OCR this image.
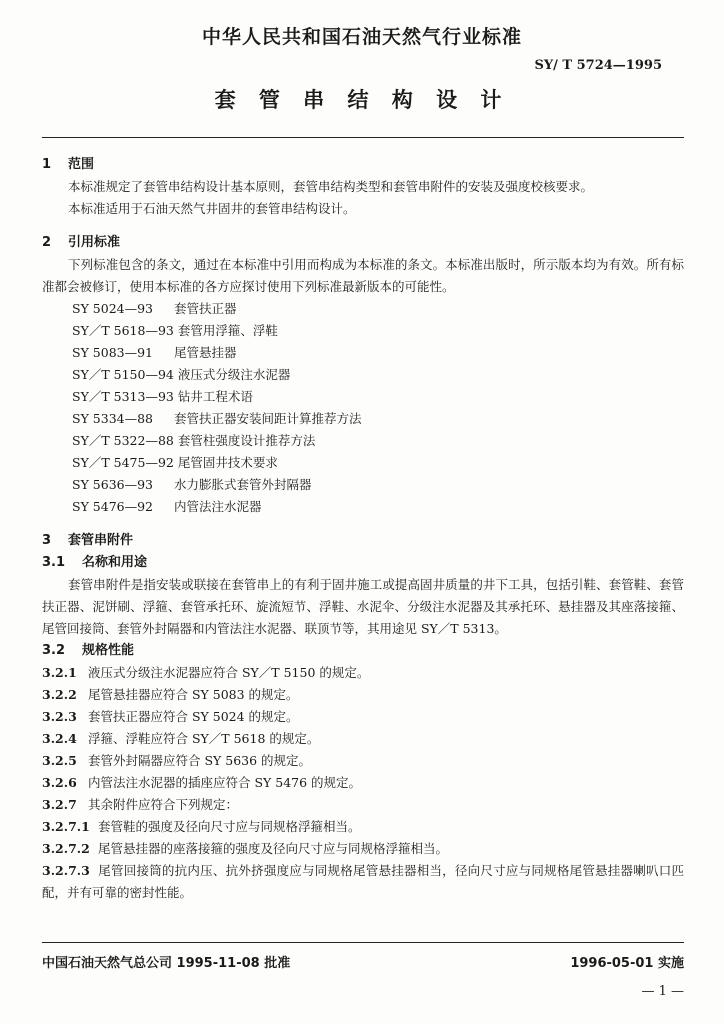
中华人民共和国石油天然气行业标准
SY/ T 5724—1995
套 管 串 结 构 设 计
1 范围
本标准规定了套管串结构设计基本原则，套管串结构类型和套管串附件的安装及强度校核要求。
本标准适用于石油天然气井固井的套管串结构设计。
2 引用标准
下列标准包含的条文，通过在本标准中引用而构成为本标准的条文。本标准出版时，所示版本均为有效。所有标准都会被修订，使用本标准的各方应探讨使用下列标准最新版本的可能性。
SY 5024—93 套管扶正器
SY／T 5618—93 套管用浮箍、浮鞋
SY 5083—91 尾管悬挂器
SY／T 5150—94 液压式分级注水泥器
SY／T 5313—93 钻井工程术语
SY 5334—88 套管扶正器安装间距计算推荐方法
SY／T 5322—88 套管柱强度设计推荐方法
SY／T 5475—92 尾管固井技术要求
SY 5636—93 水力膨胀式套管外封隔器
SY 5476—92 内管法注水泥器
3 套管串附件
3.1 名称和用途
套管串附件是指安装或联接在套管串上的有利于固井施工或提高固井质量的井下工具，包括引鞋、套管鞋、套管扶正器、泥饼刷、浮箍、套管承托环、旋流短节、浮鞋、水泥伞、分级注水泥器及其承托环、悬挂器及其座落接箍、尾管回接筒、套管外封隔器和内管法注水泥器、联顶节等，其用途见 SY／T 5313。
3.2 规格性能
3.2.1 液压式分级注水泥器应符合 SY／T 5150 的规定。
3.2.2 尾管悬挂器应符合 SY 5083 的规定。
3.2.3 套管扶正器应符合 SY 5024 的规定。
3.2.4 浮箍、浮鞋应符合 SY／T 5618 的规定。
3.2.5 套管外封隔器应符合 SY 5636 的规定。
3.2.6 内管法注水泥器的插座应符合 SY 5476 的规定。
3.2.7 其余附件应符合下列规定：
3.2.7.1 套管鞋的强度及径向尺寸应与同规格浮箍相当。
3.2.7.2 尾管悬挂器的座落接箍的强度及径向尺寸应与同规格浮箍相当。
3.2.7.3 尾管回接筒的抗内压、抗外挤强度应与同规格尾管悬挂器相当，径向尺寸应与同规格尾管悬挂器喇叭口匹配，并有可靠的密封性能。
中国石油天然气总公司 1995-11-08 批准	1996-05-01 实施
— 1 —
